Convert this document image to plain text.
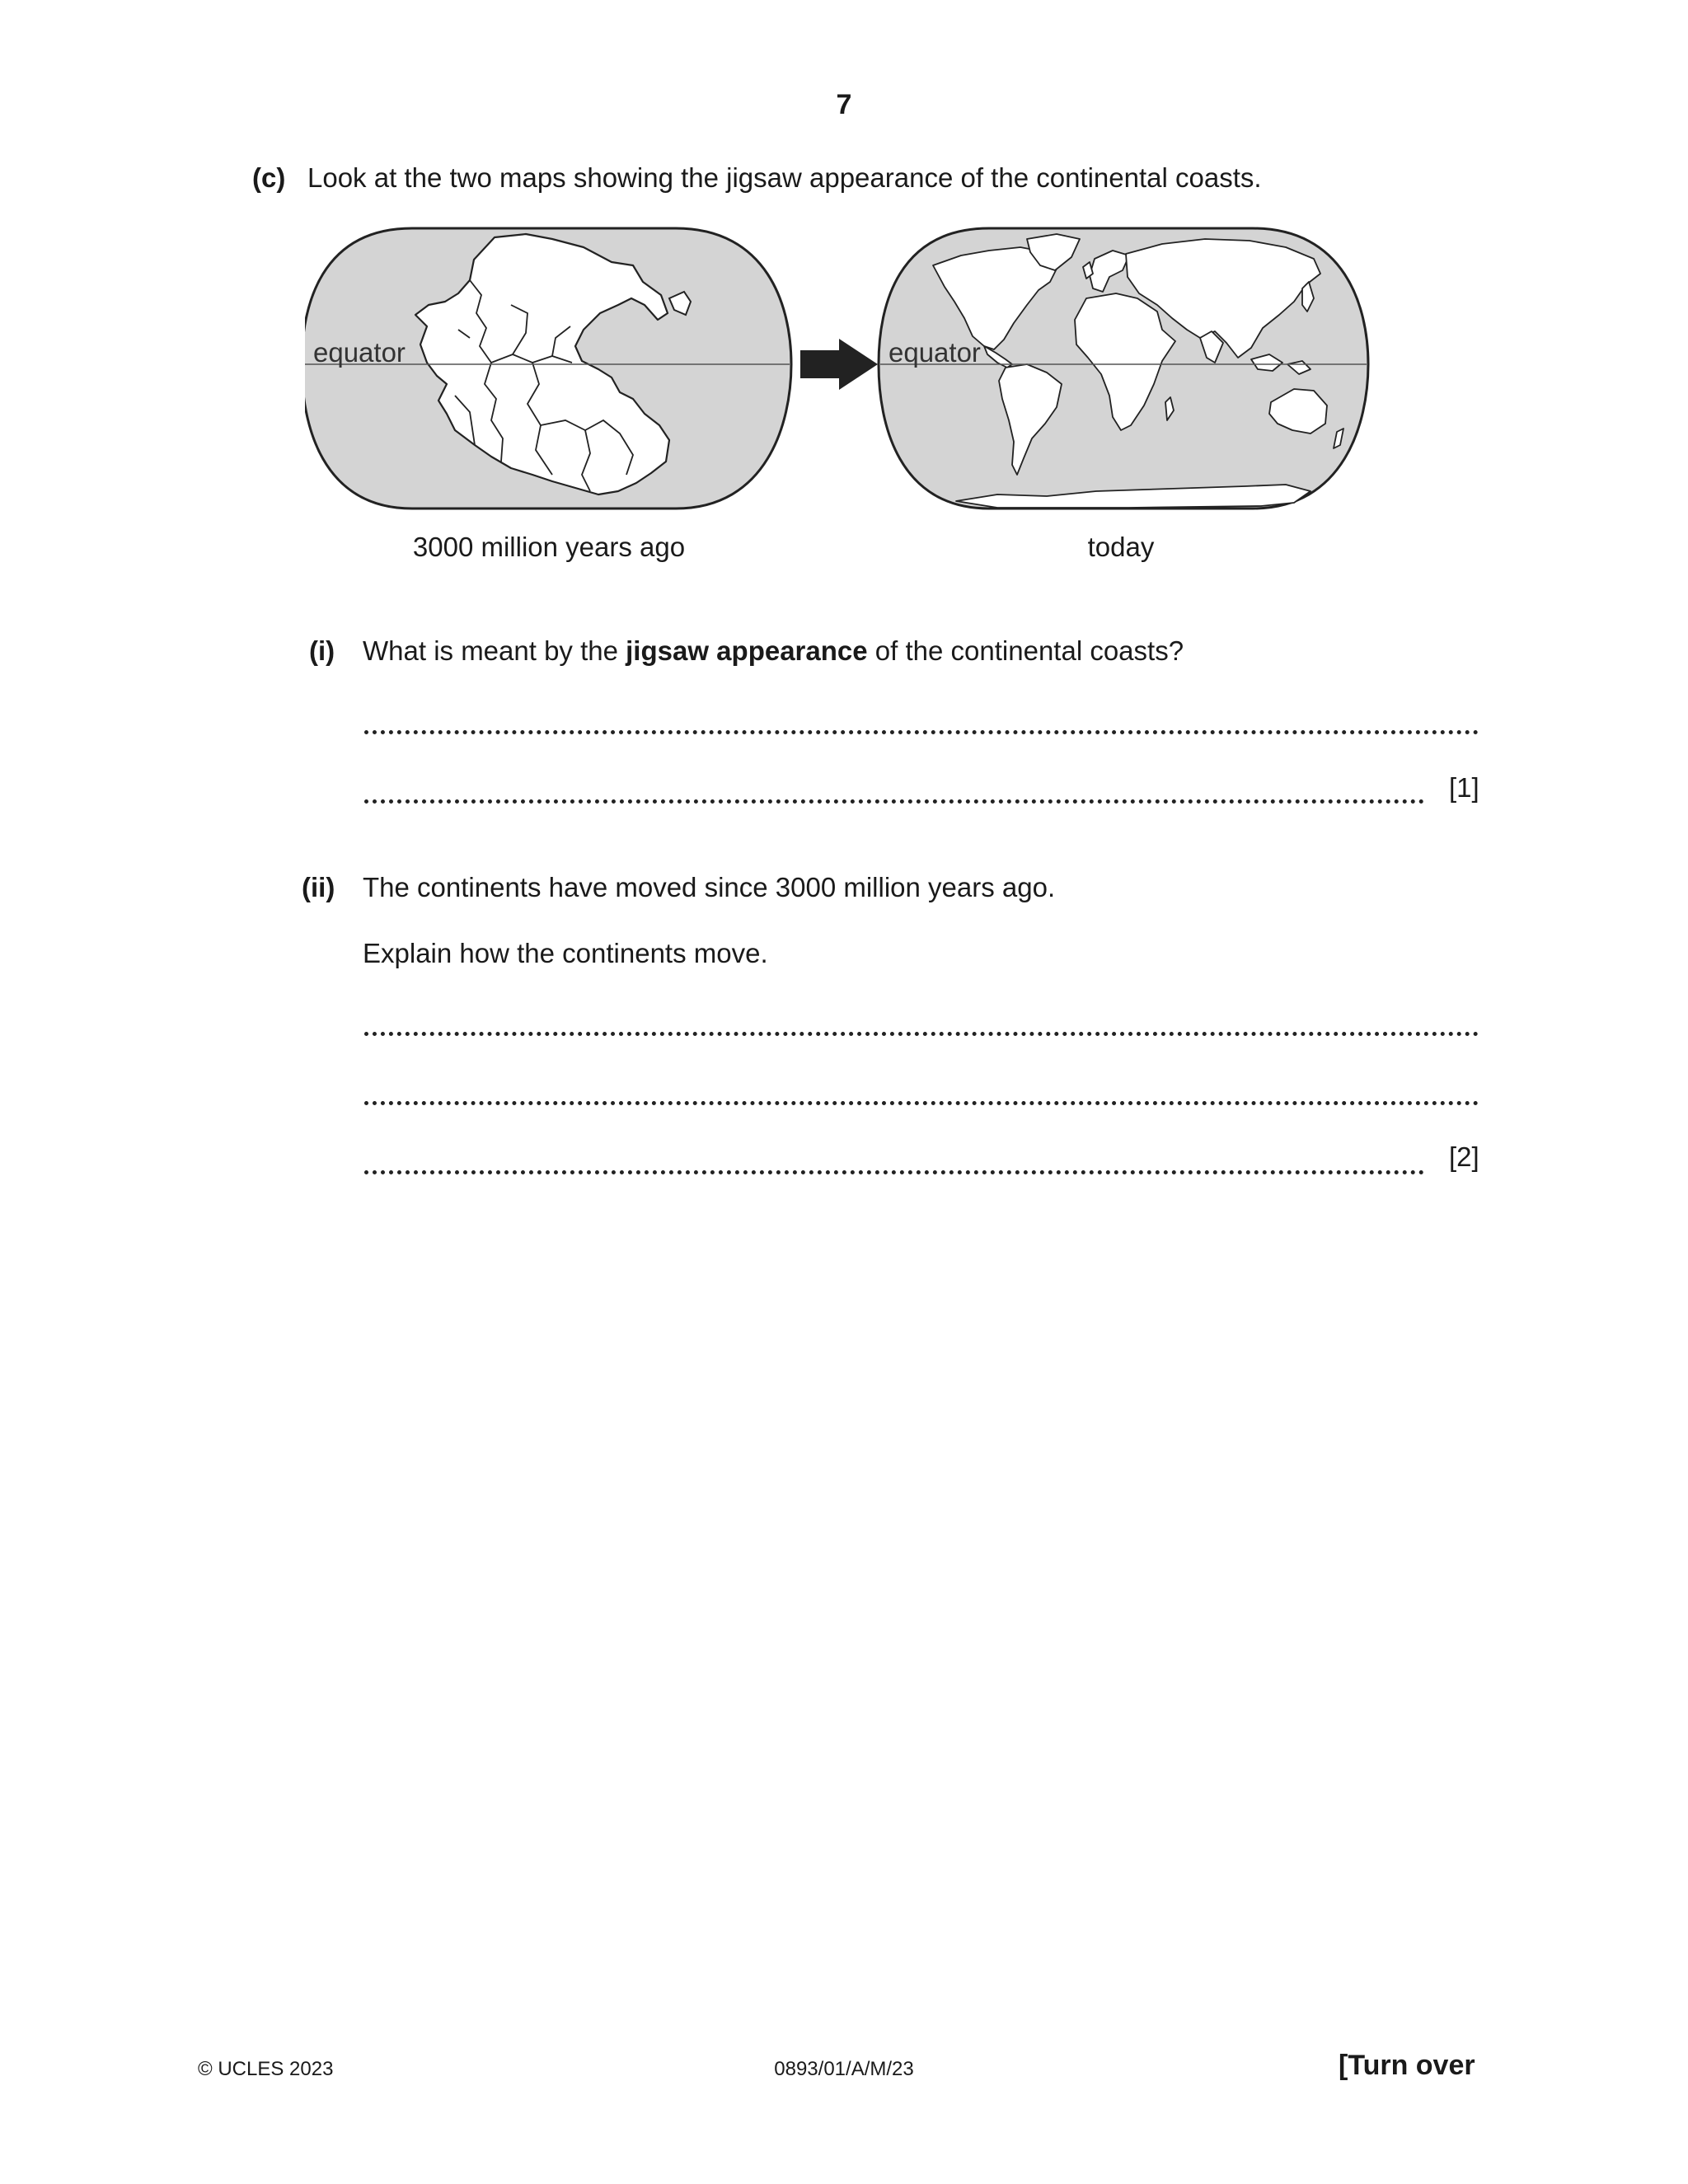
7
(c) Look at the two maps showing the jigsaw appearance of the continental coasts.
equator	equator
3000 million years ago	today
(i) What is meant by the jigsaw appearance of the continental coasts?
[1]
(ii) The continents have moved since 3000 million years ago.
Explain how the continents move.
[2]
© UCLES 2023	0893/01/A/M/23	[Turn over
